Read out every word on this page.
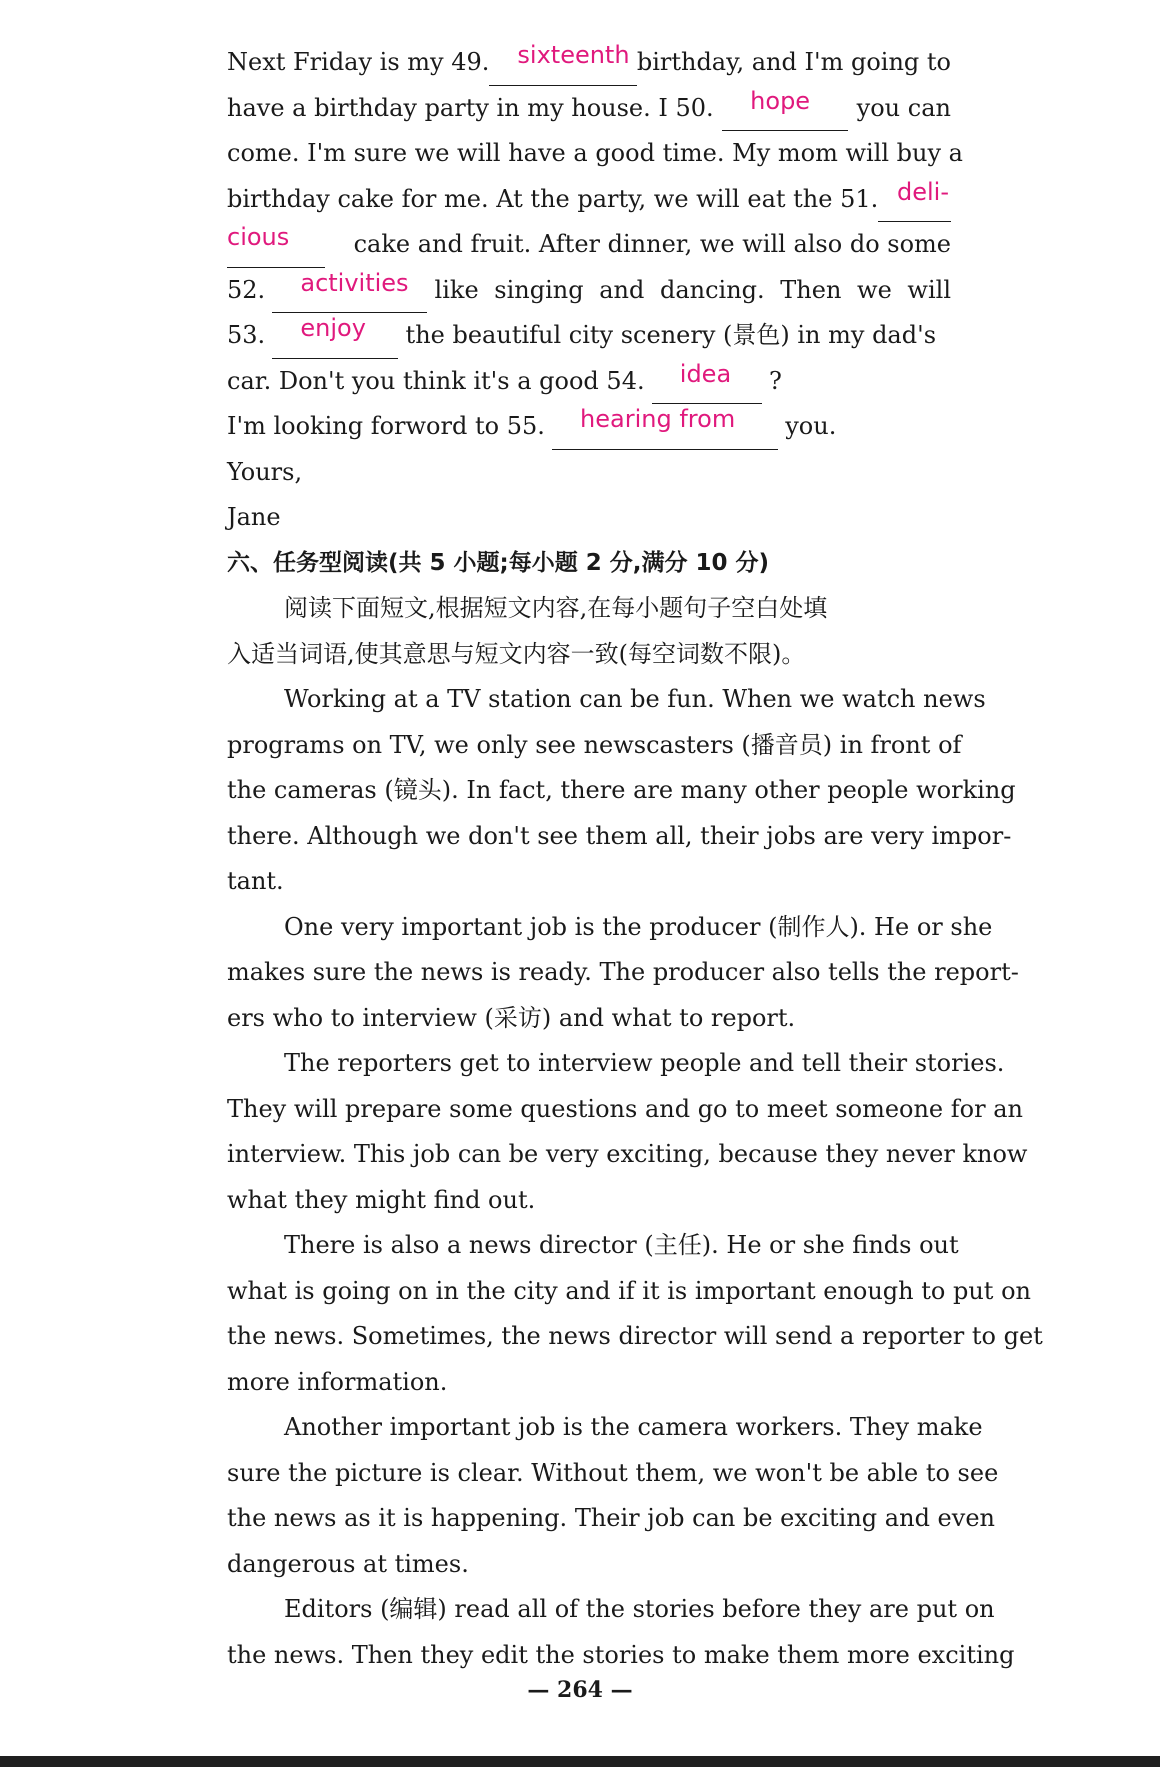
Next Friday is my 49.	sixteenth birthday, and I'm going to
have a birthday party in my house. I 50.	hope	you can
come. I'm sure we will have a good time. My mom will buy a
birthday cake for me. At the party, we will eat the 51. deli-
cious	cake and fruit. After dinner, we will also do some
52.	activities	like singing and dancing. Then we will
53.	enjoy	the beautiful city scenery (景色) in my dad's
car. Don't you think it's a good 54.	idea	?
I'm looking forword to 55.	hearing from	you.
Yours,
Jane
六、任务型阅读(共 5 小题;每小题 2 分,满分 10 分)
阅读下面短文,根据短文内容,在每小题句子空白处填
入适当词语,使其意思与短文内容一致(每空词数不限)。
Working at a TV station can be fun. When we watch news
programs on TV, we only see newscasters (播音员) in front of
the cameras (镜头). In fact, there are many other people working
there. Although we don't see them all, their jobs are very impor-
tant.
One very important job is the producer (制作人). He or she
makes sure the news is ready. The producer also tells the report-
ers who to interview (采访) and what to report.
The reporters get to interview people and tell their stories.
They will prepare some questions and go to meet someone for an
interview. This job can be very exciting, because they never know
what they might find out.
There is also a news director (主任). He or she finds out
what is going on in the city and if it is important enough to put on
the news. Sometimes, the news director will send a reporter to get
more information.
Another important job is the camera workers. They make
sure the picture is clear. Without them, we won't be able to see
the news as it is happening. Their job can be exciting and even
dangerous at times.
Editors (编辑) read all of the stories before they are put on
the news. Then they edit the stories to make them more exciting
— 264 —
